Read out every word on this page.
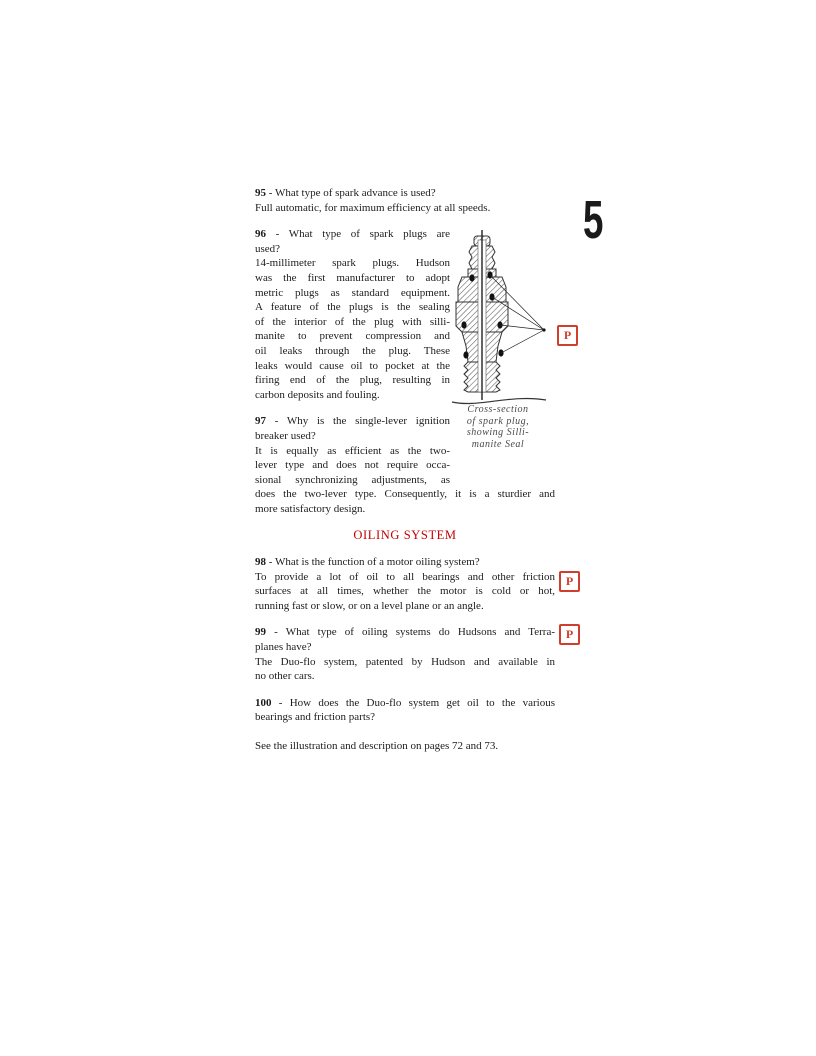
95 - What type of spark advance is used?
Full automatic, for maximum efficiency at all speeds.
96 - What type of spark plugs are
used?
14-millimeter spark plugs. Hudson
was the first manufacturer to adopt
metric plugs as standard equipment.
A feature of the plugs is the sealing
of the interior of the plug with silli-
manite to prevent compression and
oil leaks through the plug. These
leaks would cause oil to pocket at the
firing end of the plug, resulting in
carbon deposits and fouling.
97 - Why is the single-lever ignition
breaker used?
It is equally as efficient as the two-
lever type and does not require occa-
sional synchronizing adjustments, as
does the two-lever type. Consequently, it is a sturdier and
more satisfactory design.
OILING SYSTEM
98 - What is the function of a motor oiling system?
To provide a lot of oil to all bearings and other friction
surfaces at all times, whether the motor is cold or hot,
running fast or slow, or on a level plane or an angle.
99 - What type of oiling systems do Hudsons and Terra-
planes have?
The Duo-flo system, patented by Hudson and available in
no other cars.
100 - How does the Duo-flo system get oil to the various
bearings and friction parts?
See the illustration and description on pages 72 and 73.
Cross-section
of spark plug,
showing Silli-
manite Seal
P
P
P
5
